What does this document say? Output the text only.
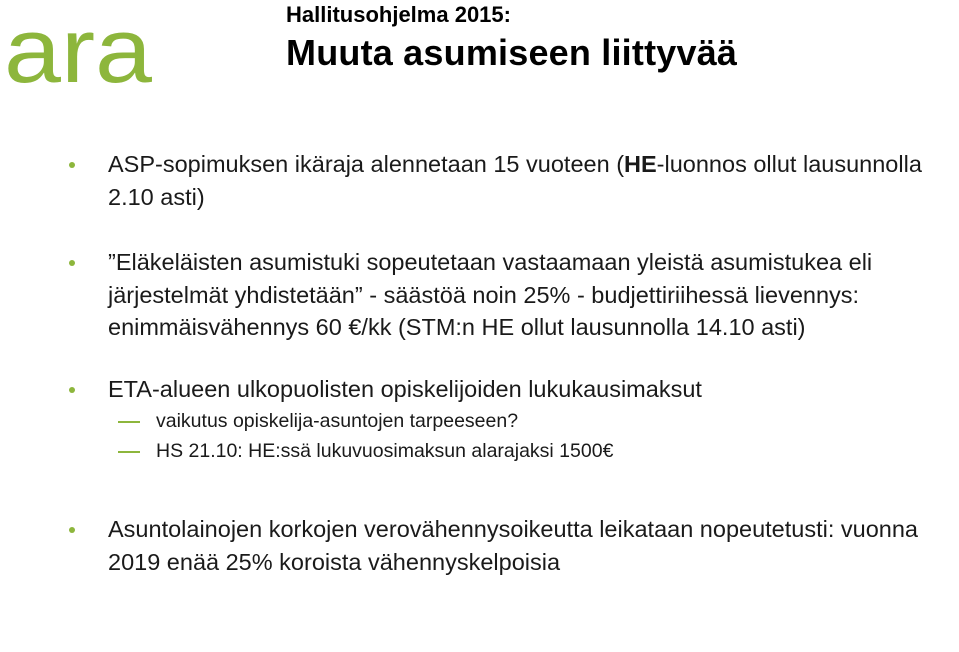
ara	Hallitusohjelma 2015:
Muuta asumiseen liittyvää
ASP-sopimuksen ikäraja alennetaan 15 vuoteen (HE-luonnos ollut lausunnolla 2.10 asti)
”Eläkeläisten asumistuki sopeutetaan vastaamaan yleistä asumistukea eli järjestelmät yhdistetään” - säästöä noin 25% - budjettiriihessä lievennys: enimmäisvähennys 60 €/kk (STM:n HE ollut lausunnolla 14.10 asti)
ETA-alueen ulkopuolisten opiskelijoiden lukukausimaksut
vaikutus opiskelija-asuntojen tarpeeseen?
HS 21.10: HE:ssä lukuvuosimaksun alarajaksi 1500€
Asuntolainojen korkojen verovähennysoikeutta leikataan nopeutetusti: vuonna 2019 enää 25% koroista vähennyskelpoisia
